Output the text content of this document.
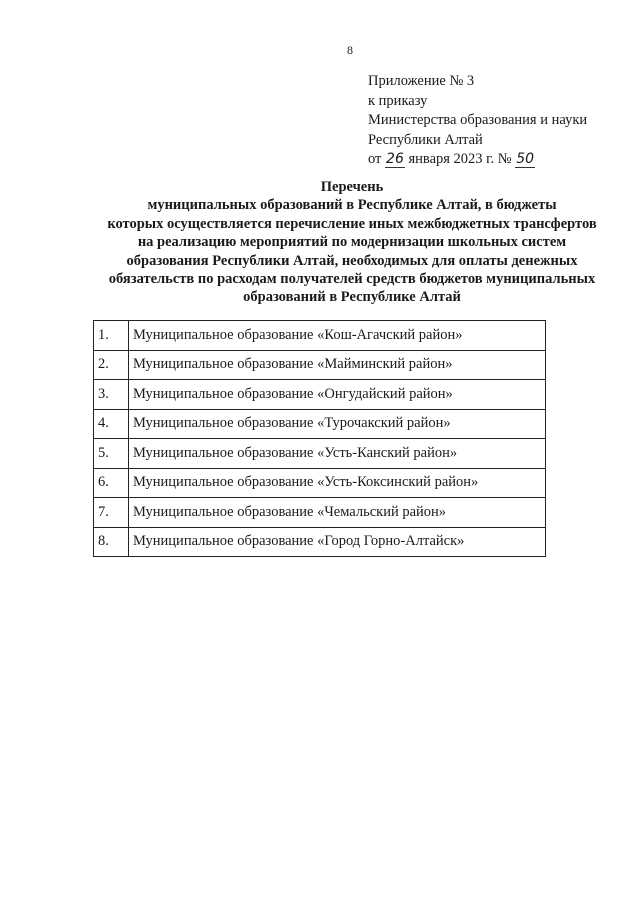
8
Приложение № 3
к приказу
Министерства образования и науки
Республики Алтай
от 26 января 2023 г. № 50
Перечень
муниципальных образований в Республике Алтай, в бюджеты
которых осуществляется перечисление иных межбюджетных трансфертов
на реализацию мероприятий по модернизации школьных систем
образования Республики Алтай, необходимых для оплаты денежных
обязательств по расходам получателей средств бюджетов муниципальных
образований в Республике Алтай
1.	Муниципальное образование «Кош-Агачский район»
2.	Муниципальное образование «Майминский район»
3.	Муниципальное образование «Онгудайский район»
4.	Муниципальное образование «Турочакский район»
5.	Муниципальное образование «Усть-Канский район»
6.	Муниципальное образование «Усть-Коксинский район»
7.	Муниципальное образование «Чемальский район»
8.	Муниципальное образование «Город Горно-Алтайск»
